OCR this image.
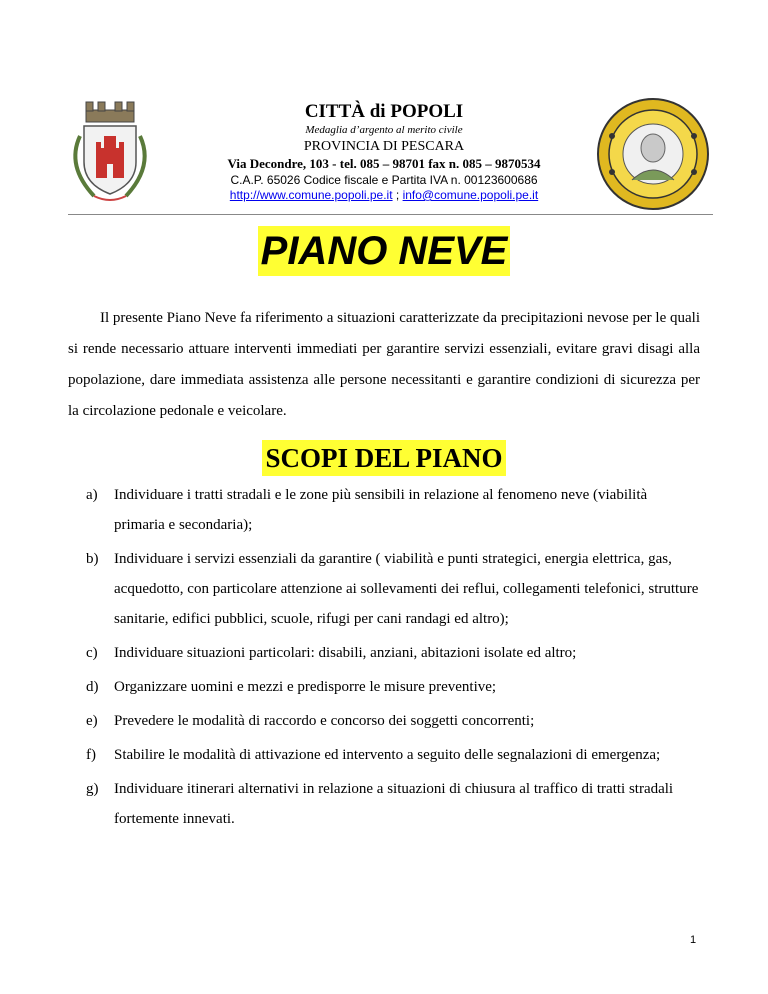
CITTÀ di POPOLI
Medaglia d’argento al merito civile
PROVINCIA DI PESCARA
Via Decondre, 103 - tel. 085 – 98701 fax n. 085 – 9870534
C.A.P. 65026 Codice fiscale e Partita IVA n. 00123600686
http://www.comune.popoli.pe.it ; info@comune.popoli.pe.it
PIANO NEVE

Il presente Piano Neve fa riferimento a situazioni caratterizzate da precipitazioni nevose per le quali si rende necessario attuare interventi immediati per garantire servizi essenziali, evitare gravi disagi alla popolazione, dare immediata assistenza alle persone necessitanti e garantire condizioni di sicurezza per la circolazione pedonale e veicolare.

SCOPI DEL PIANO
a) Individuare i tratti stradali e le zone più sensibili in relazione al fenomeno neve (viabilità primaria e secondaria);
b) Individuare i servizi essenziali da garantire ( viabilità e punti strategici, energia elettrica, gas, acquedotto, con particolare attenzione ai sollevamenti dei reflui, collegamenti telefonici, strutture sanitarie, edifici pubblici, scuole, rifugi per cani randagi ed altro);
c) Individuare situazioni particolari: disabili, anziani, abitazioni isolate ed altro;
d) Organizzare uomini e mezzi e predisporre le misure preventive;
e) Prevedere le modalità di raccordo e concorso dei soggetti concorrenti;
f) Stabilire le modalità di attivazione ed intervento a seguito delle segnalazioni di emergenza;
g) Individuare itinerari alternativi in relazione a situazioni di chiusura al traffico di tratti stradali fortemente innevati.
1
